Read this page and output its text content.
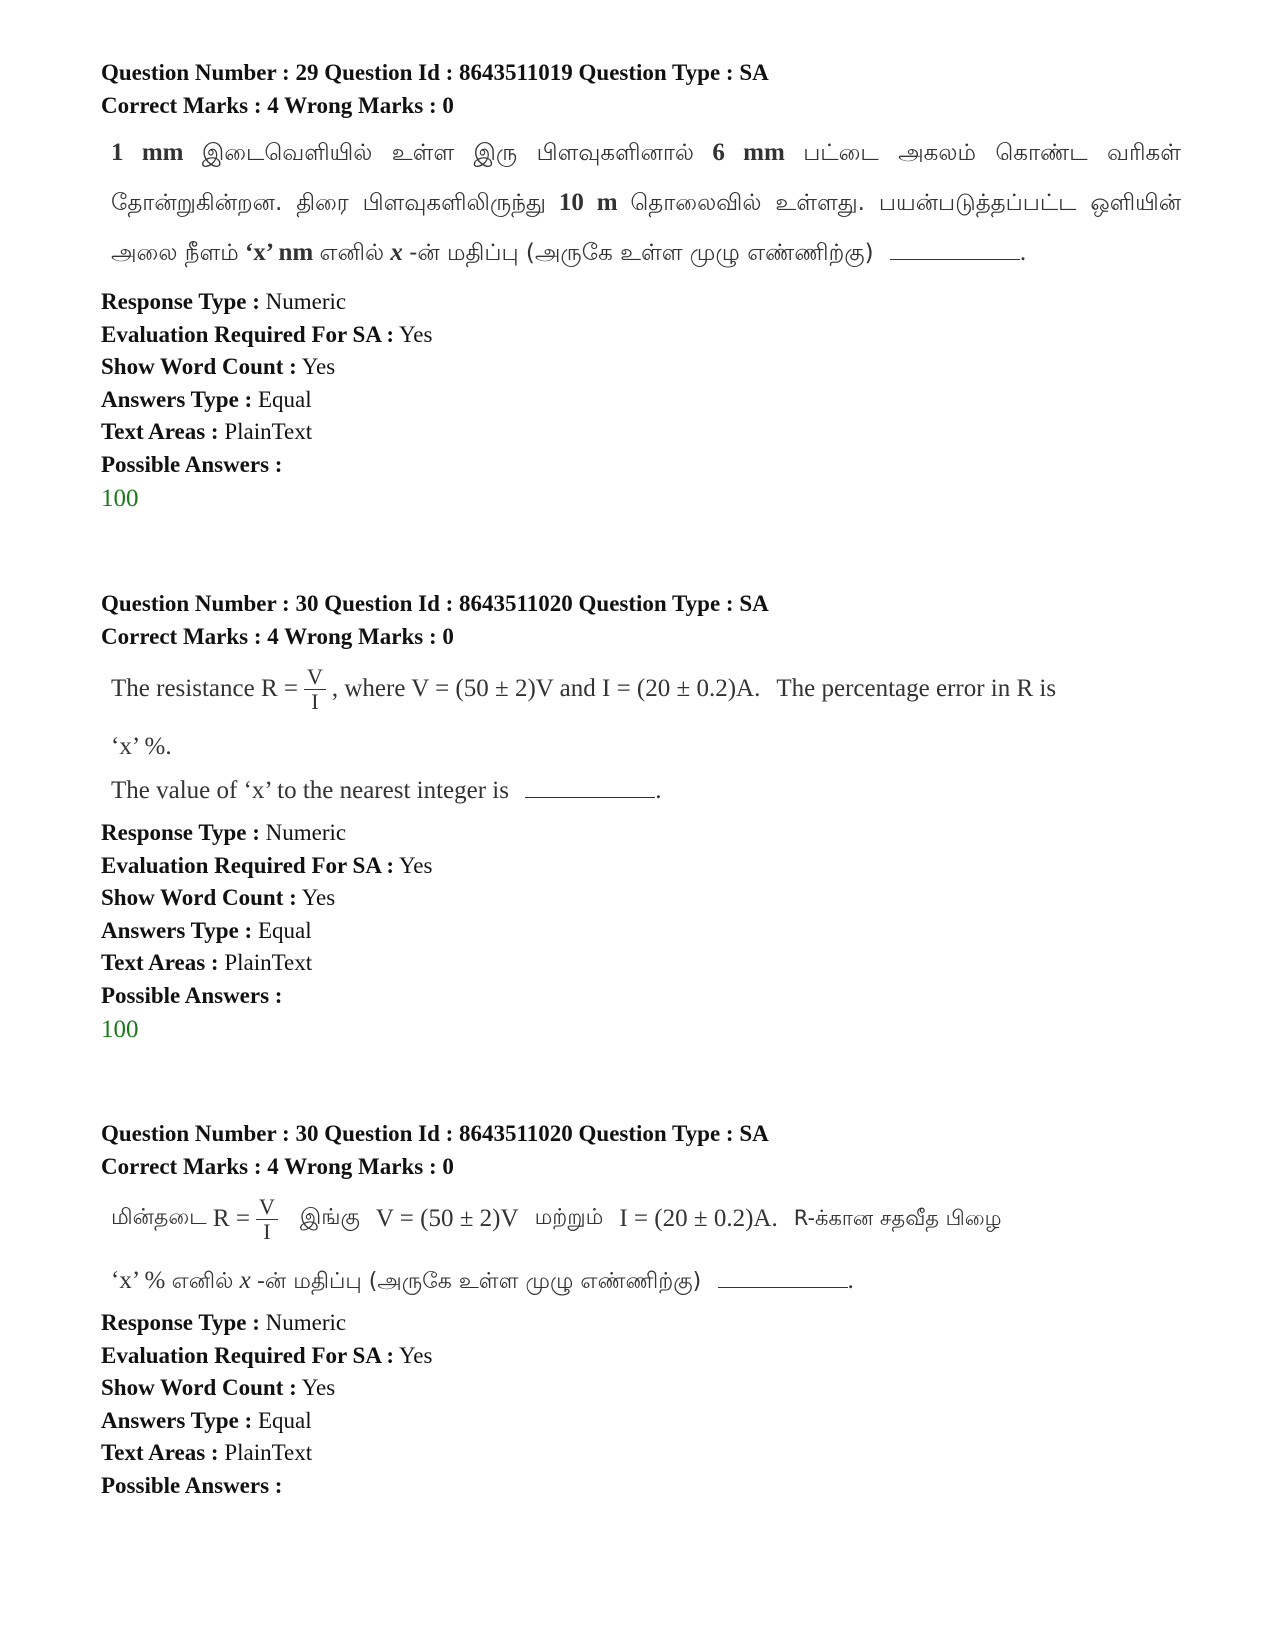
Question Number : 29 Question Id : 8643511019 Question Type : SA
Correct Marks : 4 Wrong Marks : 0
1 mm இடைவெளியில் உள்ள இரு பிளவுகளினால் 6 mm பட்டை அகலம் கொண்ட வரிகள் தோன்றுகின்றன. திரை பிளவுகளிலிருந்து 10 m தொலைவில் உள்ளது. பயன்படுத்தப்பட்ட ஒளியின் அலை நீளம் ‘x’ nm எனில் x -ன் மதிப்பு (அருகே உள்ள முழு எண்ணிற்கு)	.
Response Type : Numeric
Evaluation Required For SA : Yes
Show Word Count : Yes
Answers Type : Equal
Text Areas : PlainText
Possible Answers :
100
Question Number : 30 Question Id : 8643511020 Question Type : SA
Correct Marks : 4 Wrong Marks : 0
The resistance
$R = \frac{V}{I}$ , where V = (50 ± 2)V and I = (20 ± 0.2)A. The percentage error in R is
‘x’ %.
The value of ‘x’ to the nearest integer is	.
Response Type : Numeric
Evaluation Required For SA : Yes
Show Word Count : Yes
Answers Type : Equal
Text Areas : PlainText
Possible Answers :
100
Question Number : 30 Question Id : 8643511020 Question Type : SA
Correct Marks : 4 Wrong Marks : 0
மின்தடை
$R = \frac{V}{I}$ இங்கு V = (50 ± 2)V மற்றும் I = (20 ± 0.2)A. R-க்கான சதவீத பிழை
‘x’ % எனில் x -ன் மதிப்பு (அருகே உள்ள முழு எண்ணிற்கு)	.
Response Type : Numeric
Evaluation Required For SA : Yes
Show Word Count : Yes
Answers Type : Equal
Text Areas : PlainText
Possible Answers :
